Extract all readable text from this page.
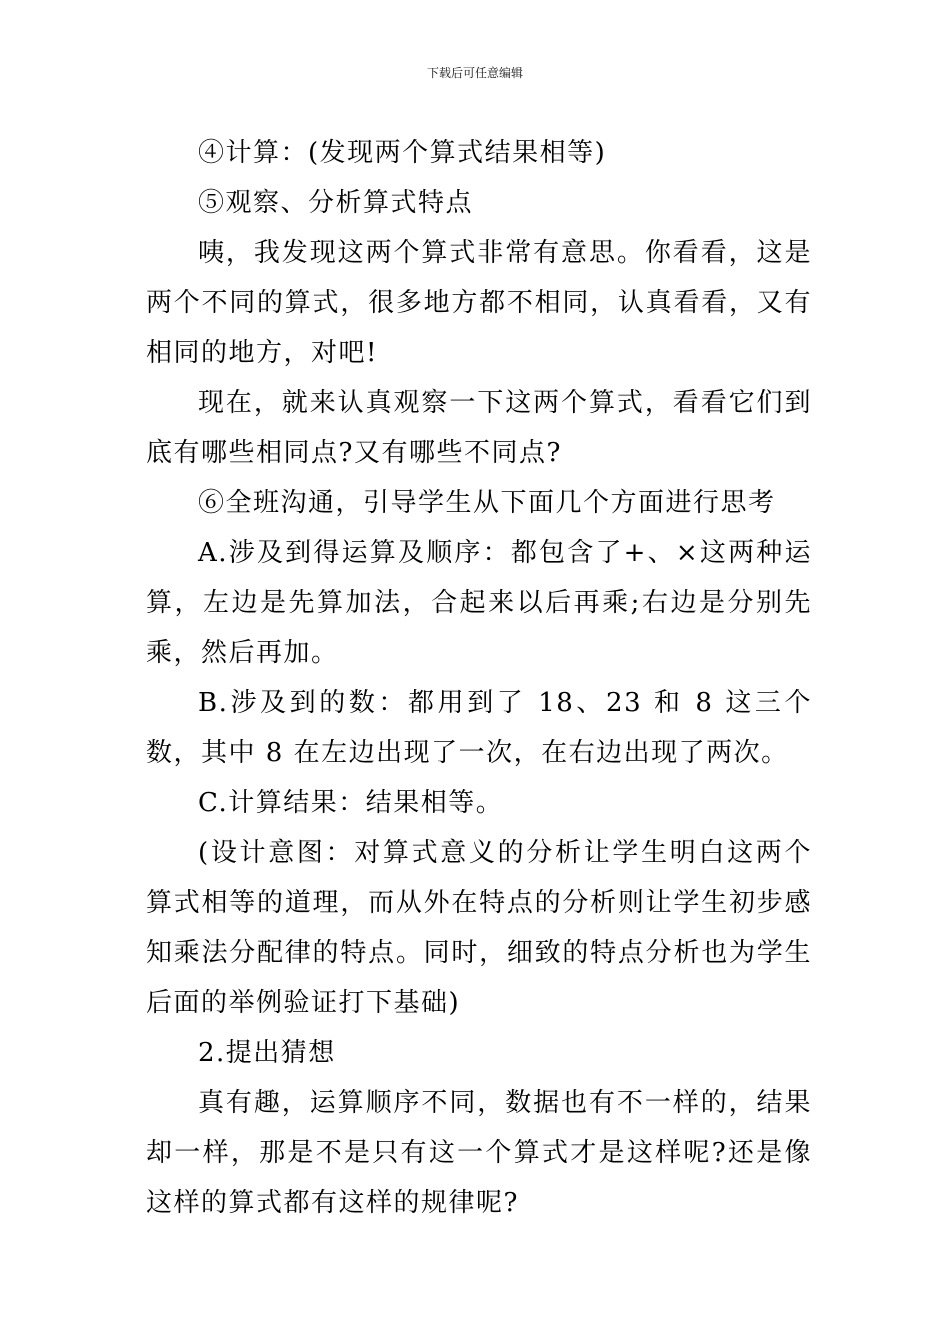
下载后可任意编辑

④计算：(发现两个算式结果相等)

⑤观察、分析算式特点

咦，我发现这两个算式非常有意思。你看看，这是两个不同的算式，很多地方都不相同，认真看看，又有相同的地方，对吧!

现在，就来认真观察一下这两个算式，看看它们到底有哪些相同点?又有哪些不同点?

⑥全班沟通，引导学生从下面几个方面进行思考

A.涉及到得运算及顺序：都包含了+、×这两种运算，左边是先算加法，合起来以后再乘;右边是分别先乘，然后再加。

B.涉及到的数：都用到了 18、23 和 8 这三个数，其中 8 在左边出现了一次，在右边出现了两次。

C.计算结果：结果相等。

(设计意图：对算式意义的分析让学生明白这两个算式相等的道理，而从外在特点的分析则让学生初步感知乘法分配律的特点。同时，细致的特点分析也为学生后面的举例验证打下基础)

2.提出猜想

真有趣，运算顺序不同，数据也有不一样的，结果却一样，那是不是只有这一个算式才是这样呢?还是像这样的算式都有这样的规律呢?
